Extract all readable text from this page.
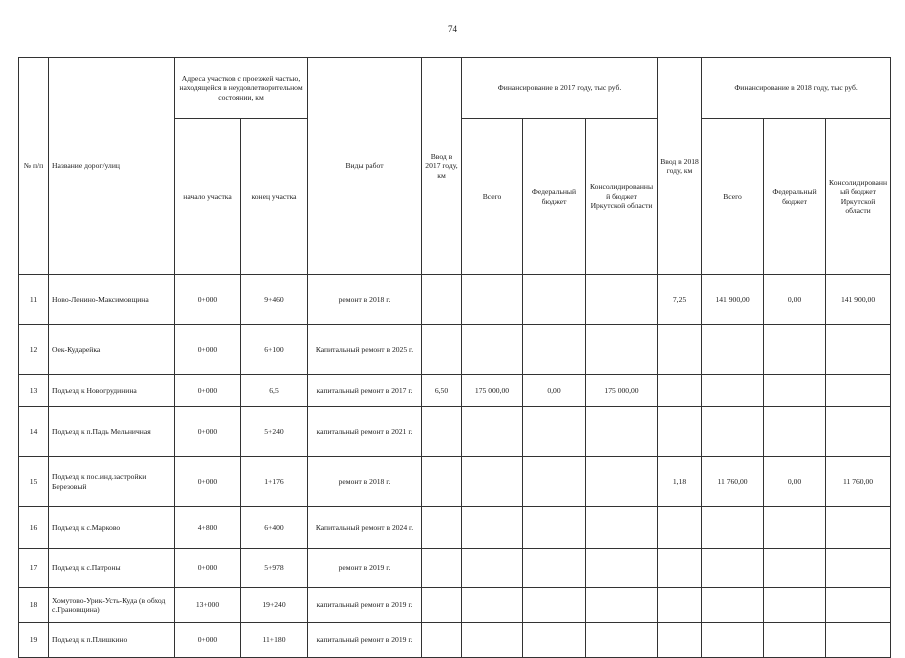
74
№ п/п	Название дорог/улиц	Адреса участков с проезжей частью, находящейся в неудовлетворительном состоянии, км		Виды работ	Ввод в 2017 году, км	Финансирование в 2017 году, тыс руб.			Ввод в 2018 году, км	Финансирование в 2018 году, тыс руб.		
		начало участка	конец участка			Всего	Федеральный бюджет	Консолидированный бюджет Иркутской области		Всего	Федеральный бюджет	Консолидированный бюджет Иркутской области
11	Ново-Ленино-Максимовщина	0+000	9+460	ремонт в 2018 г.					7,25	141 900,00	0,00	141 900,00
12	Оек-Кударейка	0+000	6+100	Капитальный ремонт в 2025 г.								
13	Подъезд к Новогрудинина	0+000	6,5	капитальный ремонт в 2017 г.	6,50	175 000,00	0,00	175 000,00				
14	Подъезд к п.Падь Мельничная	0+000	5+240	капитальный ремонт в 2021 г.								
15	Подъезд к пос.инд.застройки Березовый	0+000	1+176	ремонт в 2018 г.					1,18	11 760,00	0,00	11 760,00
16	Подъезд к с.Марково	4+800	6+400	Капитальный ремонт в 2024 г.								
17	Подъезд к с.Патроны	0+000	5+978	ремонт в 2019 г.								
18	Хомутово-Урик-Усть-Куда (в обход с.Грановщина)	13+000	19+240	капитальный ремонт в 2019 г.								
19	Подъезд к п.Плишкино	0+000	11+180	капитальный ремонт в 2019 г.								
